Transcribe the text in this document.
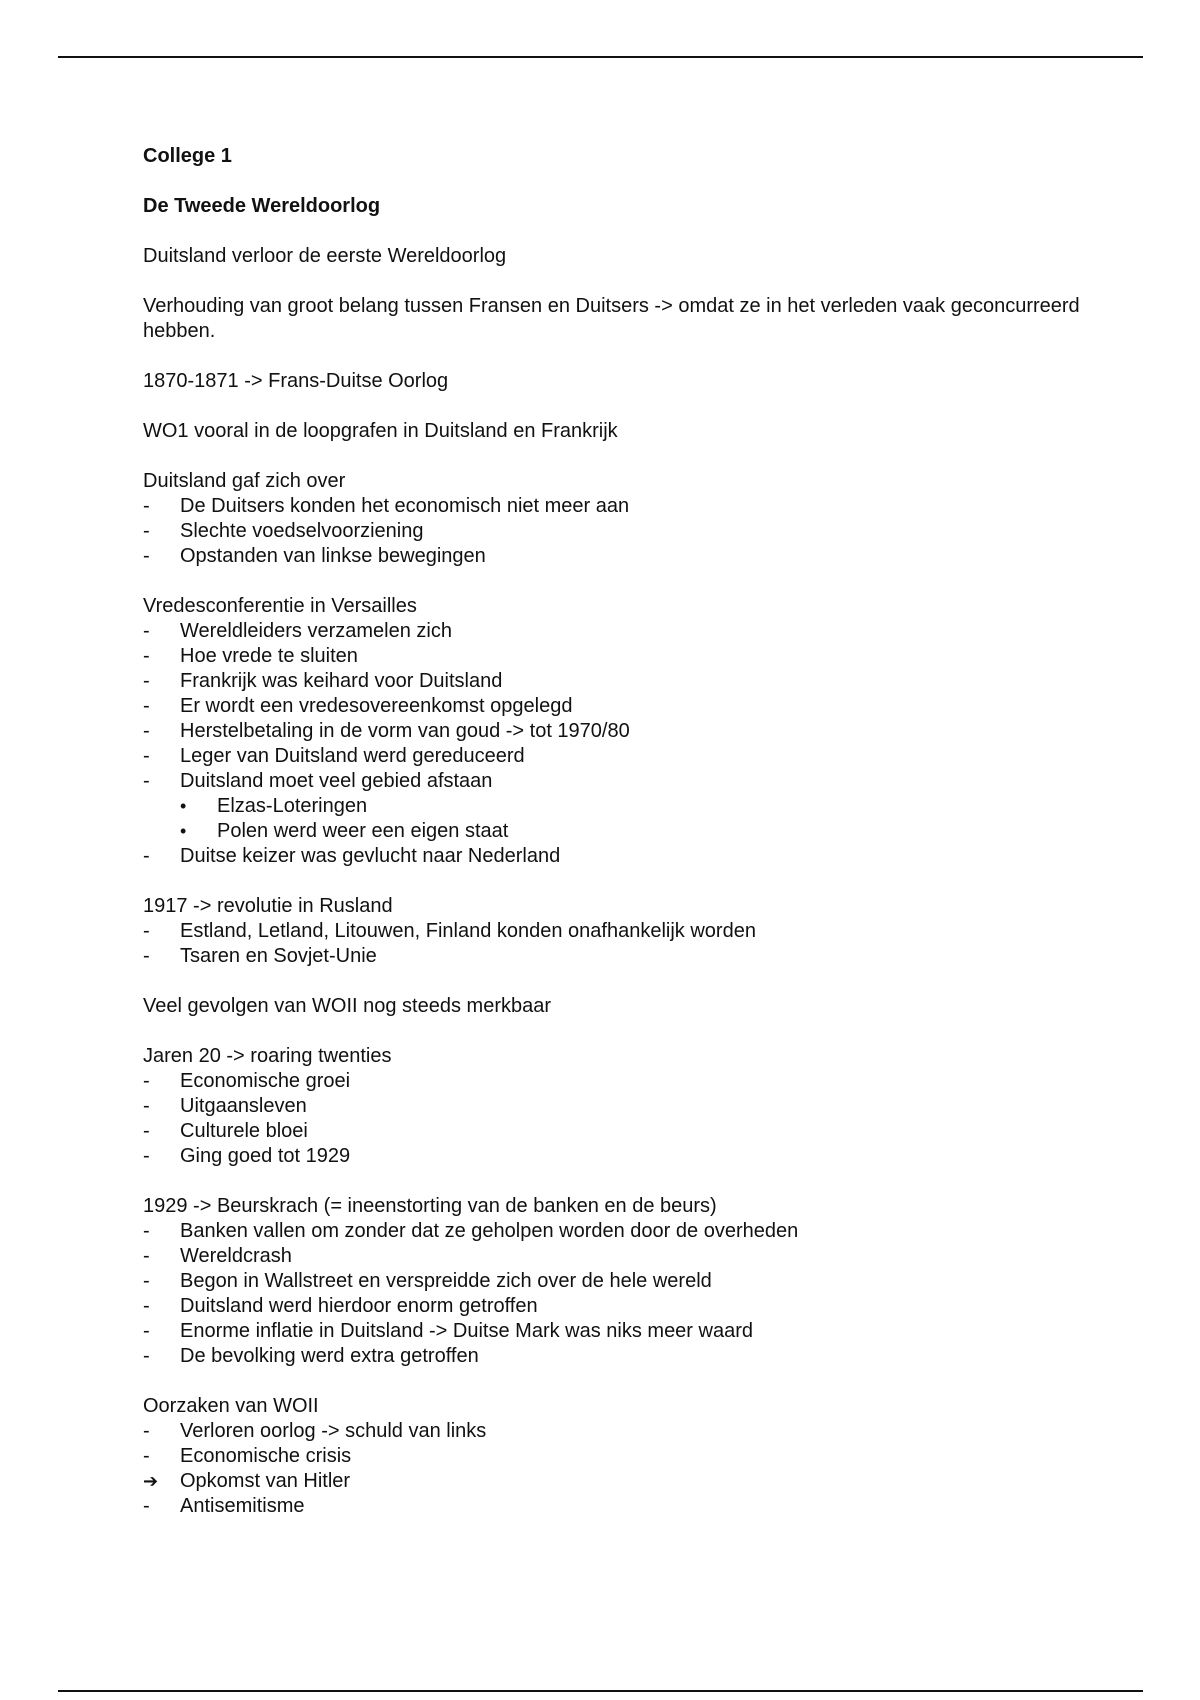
College 1
De Tweede Wereldoorlog
Duitsland verloor de eerste Wereldoorlog
Verhouding van groot belang tussen Fransen en Duitsers -> omdat ze in het verleden vaak geconcurreerd hebben.
1870-1871 -> Frans-Duitse Oorlog
WO1 vooral in de loopgrafen in Duitsland en Frankrijk
Duitsland gaf zich over
-	De Duitsers konden het economisch niet meer aan
-	Slechte voedselvoorziening
-	Opstanden van linkse bewegingen
Vredesconferentie in Versailles
-	Wereldleiders verzamelen zich
-	Hoe vrede te sluiten
-	Frankrijk was keihard voor Duitsland
-	Er wordt een vredesovereenkomst opgelegd
-	Herstelbetaling in de vorm van goud -> tot 1970/80
-	Leger van Duitsland werd gereduceerd
-	Duitsland moet veel gebied afstaan
•	Elzas-Loteringen
•	Polen werd weer een eigen staat
-	Duitse keizer was gevlucht naar Nederland
1917 -> revolutie in Rusland
-	Estland, Letland, Litouwen, Finland konden onafhankelijk worden
-	Tsaren en Sovjet-Unie
Veel gevolgen van WOII nog steeds merkbaar
Jaren 20 -> roaring twenties
-	Economische groei
-	Uitgaansleven
-	Culturele bloei
-	Ging goed tot 1929
1929 -> Beurskrach (= ineenstorting van de banken en de beurs)
-	Banken vallen om zonder dat ze geholpen worden door de overheden
-	Wereldcrash
-	Begon in Wallstreet en verspreidde zich over de hele wereld
-	Duitsland werd hierdoor enorm getroffen
-	Enorme inflatie in Duitsland -> Duitse Mark was niks meer waard
-	De bevolking werd extra getroffen
Oorzaken van WOII
-	Verloren oorlog -> schuld van links
-	Economische crisis
➔	Opkomst van Hitler
-	Antisemitisme
